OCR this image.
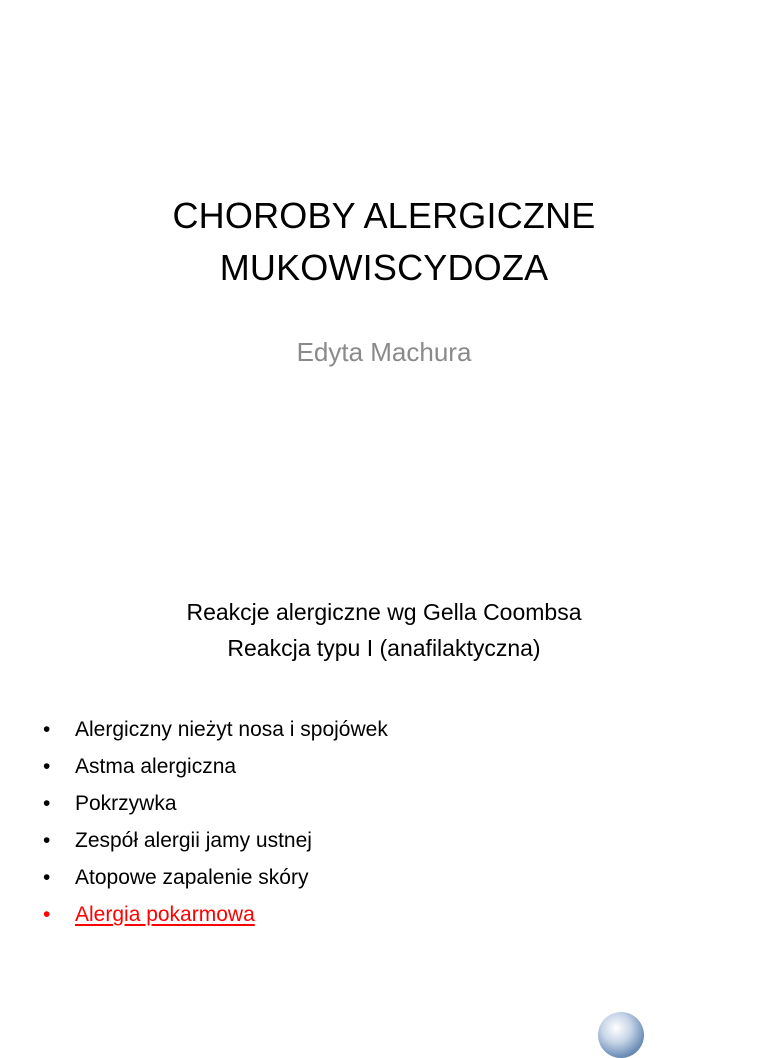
CHOROBY ALERGICZNE
MUKOWISCYDOZA
Edyta Machura
Reakcje alergiczne wg Gella Coombsa
Reakcja typu I (anafilaktyczna)
• Alergiczny nieżyt nosa i spojówek
• Astma alergiczna
• Pokrzywka
• Zespół alergii jamy ustnej
• Atopowe zapalenie skóry
• Alergia pokarmowa
